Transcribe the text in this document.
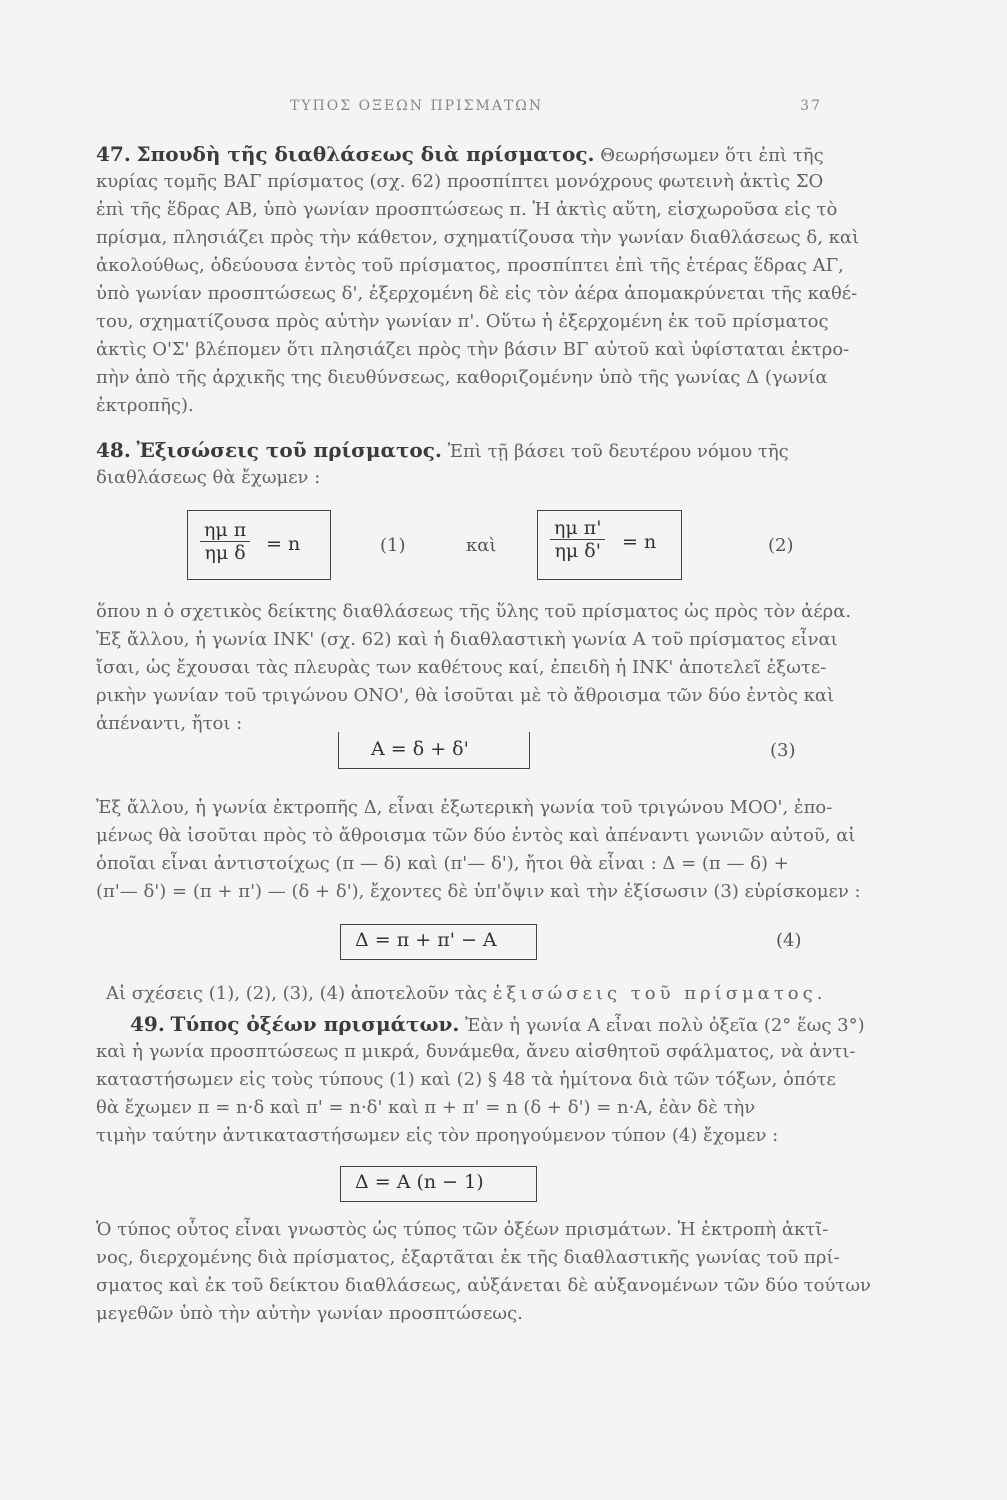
ΤΥΠΟΣ ΟΞΕΩΝ ΠΡΙΣΜΑΤΩΝ	37
47. Σπουδὴ τῆς διαθλάσεως διὰ πρίσματος. Θεωρήσωμεν ὅτι ἐπὶ τῆς
κυρίας τομῆς ΒΑΓ πρίσματος (σχ. 62) προσπίπτει μονόχρους φωτεινὴ ἀκτὶς ΣΟ
ἐπὶ τῆς ἕδρας ΑΒ, ὑπὸ γωνίαν προσπτώσεως π. Ἡ ἀκτὶς αὕτη, εἰσχωροῦσα εἰς τὸ
πρίσμα, πλησιάζει πρὸς τὴν κάθετον, σχηματίζουσα τὴν γωνίαν διαθλάσεως δ, καὶ
ἀκολούθως, ὁδεύουσα ἐντὸς τοῦ πρίσματος, προσπίπτει ἐπὶ τῆς ἑτέρας ἕδρας ΑΓ,
ὑπὸ γωνίαν προσπτώσεως δ', ἐξερχομένη δὲ εἰς τὸν ἀέρα ἀπομακρύνεται τῆς καθέ-
του, σχηματίζουσα πρὸς αὐτὴν γωνίαν π'. Οὕτω ἡ ἐξερχομένη ἐκ τοῦ πρίσματος
ἀκτὶς Ο'Σ' βλέπομεν ὅτι πλησιάζει πρὸς τὴν βάσιν ΒΓ αὐτοῦ καὶ ὑφίσταται ἐκτρο-
πὴν ἀπὸ τῆς ἀρχικῆς της διευθύνσεως, καθοριζομένην ὑπὸ τῆς γωνίας Δ (γωνία
ἐκτροπῆς).
48. Ἐξισώσεις τοῦ πρίσματος. Ἐπὶ τῇ βάσει τοῦ δευτέρου νόμου τῆς
διαθλάσεως θὰ ἔχωμεν :
$\frac{\text{ημ π}}{\text{ημ δ}} = n$	(1)	καὶ	$\frac{\text{ημ π'}}{\text{ημ δ'}} = n$	(2)
ὅπου n ὁ σχετικὸς δείκτης διαθλάσεως τῆς ὕλης τοῦ πρίσματος ὡς πρὸς τὸν ἀέρα.
Ἐξ ἄλλου, ἡ γωνία ΙΝΚ' (σχ. 62) καὶ ἡ διαθλαστικὴ γωνία Α τοῦ πρίσματος εἶναι
ἴσαι, ὡς ἔχουσαι τὰς πλευρὰς των καθέτους καί, ἐπειδὴ ἡ ΙΝΚ' ἀποτελεῖ ἐξωτε-
ρικὴν γωνίαν τοῦ τριγώνου ΟΝΟ', θὰ ἰσοῦται μὲ τὸ ἄθροισμα τῶν δύο ἐντὸς καὶ
ἀπέναντι, ἤτοι :
Α = δ + δ'	(3)
Ἐξ ἄλλου, ἡ γωνία ἐκτροπῆς Δ, εἶναι ἐξωτερικὴ γωνία τοῦ τριγώνου ΜΟΟ', ἐπο-
μένως θὰ ἰσοῦται πρὸς τὸ ἄθροισμα τῶν δύο ἐντὸς καὶ ἀπέναντι γωνιῶν αὐτοῦ, αἱ
ὁποῖαι εἶναι ἀντιστοίχως (π — δ) καὶ (π'— δ'), ἤτοι θὰ εἶναι : Δ = (π — δ) +
(π'— δ') = (π + π') — (δ + δ'), ἔχοντες δὲ ὑπ'ὄψιν καὶ τὴν ἐξίσωσιν (3) εὑρίσκομεν :
Δ = π + π' − Α	(4)
Αἱ σχέσεις (1), (2), (3), (4) ἀποτελοῦν τὰς ἐξισώσεις τοῦ πρίσματος.
49. Τύπος ὀξέων πρισμάτων. Ἐὰν ἡ γωνία Α εἶναι πολὺ ὀξεῖα (2° ἕως 3°)
καὶ ἡ γωνία προσπτώσεως π μικρά, δυνάμεθα, ἄνευ αἰσθητοῦ σφάλματος, νὰ ἀντι-
καταστήσωμεν εἰς τοὺς τύπους (1) καὶ (2) § 48 τὰ ἡμίτονα διὰ τῶν τόξων, ὁπότε
θὰ ἔχωμεν π = n·δ καὶ π' = n·δ' καὶ π + π' = n (δ + δ') = n·Α, ἐὰν δὲ τὴν
τιμὴν ταύτην ἀντικαταστήσωμεν εἰς τὸν προηγούμενον τύπον (4) ἔχομεν :
Δ = Α (n − 1)
Ὁ τύπος οὗτος εἶναι γνωστὸς ὡς τύπος τῶν ὀξέων πρισμάτων. Ἡ ἐκτροπὴ ἀκτῖ-
νος, διερχομένης διὰ πρίσματος, ἐξαρτᾶται ἐκ τῆς διαθλαστικῆς γωνίας τοῦ πρί-
σματος καὶ ἐκ τοῦ δείκτου διαθλάσεως, αὐξάνεται δὲ αὐξανομένων τῶν δύο τούτων
μεγεθῶν ὑπὸ τὴν αὐτὴν γωνίαν προσπτώσεως.
